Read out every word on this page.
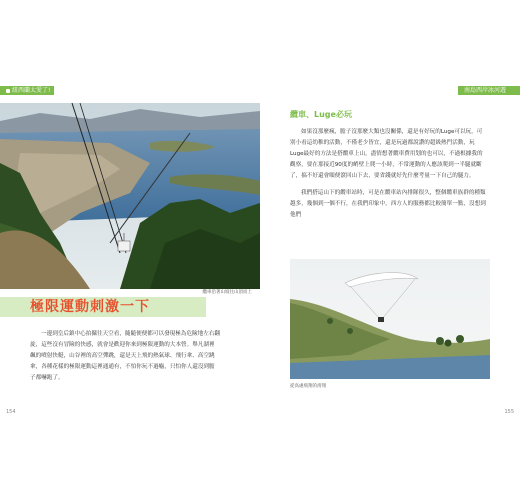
紐西蘭太愛了!
纜車沿著山坡往山頂而上
極限運動刺激一下
一邊到皇后鎮中心拍攝往天空看，隨隨便便都可以發現極為危險地左右翻旋，這些沒有冒險的快感，就會是歡迎你來到極限運動的大本營。舉凡湖裡飆的噴射快艇，山谷裡的高空彈跳，還是天上飛的熱氣球、飛行傘、高空跳傘，各種花樣的極限運動這裡通通有，不怕你玩不過癮，只怕你人還沒到膽子都嚇跑了。
154
南島西岸冰河遊
纜車、Luge必玩

如果沒那麼瘋，膽子沒那麼大類也沒關係，還是有好玩的Luge可以玩，可別小看這幼稚的活動，不僅老少皆宜，還是玩過都說讚的超級熱門活動，玩Luge最好的方法是搭纜車上山，盡情想著纜車費用划的也可以，不過根據我的觀察，要在那接近90度的峭壁上爬一小時，不常運動的人應該爬到一半腿就斷了，搞不好還會順便滾回山下去，要省錢就好先什麼考量一下自己的腿力。

我們搭這山下的纜車站時，可是在纜車站內排隊很久，整個纜車族群的種類越多，幾個到一個不行，在我們印象中，西方人的服務都比較簡單一點，沒想到他們

從高處飛翔的滑翔
155
